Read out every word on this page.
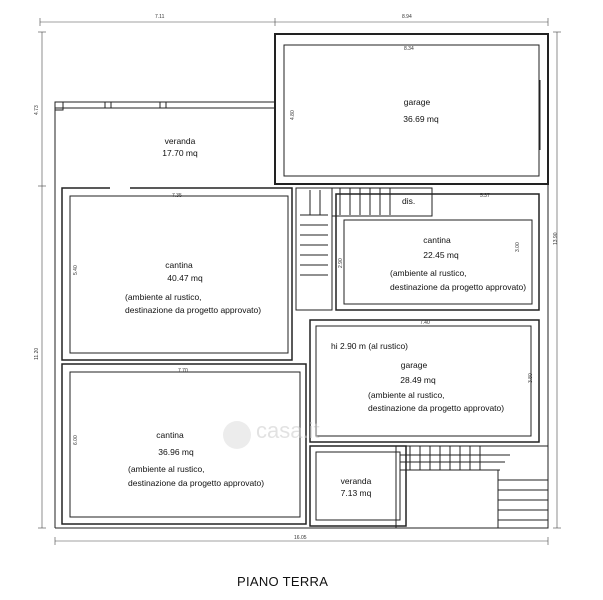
7.11	8.94
8.34
4.80
4.73
11.20
7.35
5.40
7.70
6.00
13.90
5.37
3.00
2.90
7.40
3.80
16.05
garage
36.69 mq
veranda
17.70 mq
dis.
cantina
22.45 mq
(ambiente al rustico,
destinazione da progetto approvato)
cantina
40.47 mq
(ambiente al rustico,
destinazione da progetto approvato)
hi 2.90 m (al rustico)
garage
28.49 mq
(ambiente al rustico,
destinazione da progetto approvato)
cantina
36.96 mq
(ambiente al rustico,
destinazione da progetto approvato)	veranda
7.13 mq
casa.it
PIANO TERRA
